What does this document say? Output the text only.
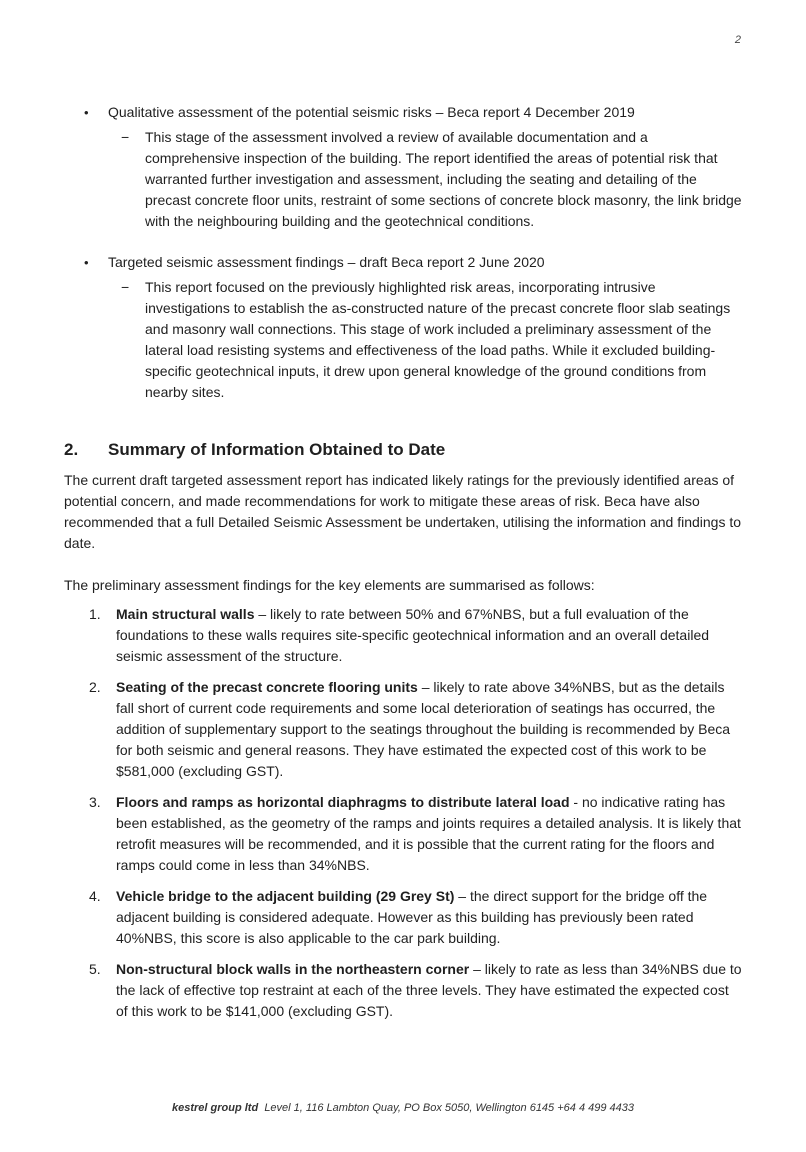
2
• Qualitative assessment of the potential seismic risks – Beca report 4 December 2019
− This stage of the assessment involved a review of available documentation and a comprehensive inspection of the building. The report identified the areas of potential risk that warranted further investigation and assessment, including the seating and detailing of the precast concrete floor units, restraint of some sections of concrete block masonry, the link bridge with the neighbouring building and the geotechnical conditions.
• Targeted seismic assessment findings – draft Beca report 2 June 2020
− This report focused on the previously highlighted risk areas, incorporating intrusive investigations to establish the as-constructed nature of the precast concrete floor slab seatings and masonry wall connections. This stage of work included a preliminary assessment of the lateral load resisting systems and effectiveness of the load paths. While it excluded building-specific geotechnical inputs, it drew upon general knowledge of the ground conditions from nearby sites.
2.	Summary of Information Obtained to Date

The current draft targeted assessment report has indicated likely ratings for the previously identified areas of potential concern, and made recommendations for work to mitigate these areas of risk. Beca have also recommended that a full Detailed Seismic Assessment be undertaken, utilising the information and findings to date.

The preliminary assessment findings for the key elements are summarised as follows:

1. Main structural walls – likely to rate between 50% and 67%NBS, but a full evaluation of the foundations to these walls requires site-specific geotechnical information and an overall detailed seismic assessment of the structure.
2. Seating of the precast concrete flooring units – likely to rate above 34%NBS, but as the details fall short of current code requirements and some local deterioration of seatings has occurred, the addition of supplementary support to the seatings throughout the building is recommended by Beca for both seismic and general reasons. They have estimated the expected cost of this work to be $581,000 (excluding GST).
3. Floors and ramps as horizontal diaphragms to distribute lateral load - no indicative rating has been established, as the geometry of the ramps and joints requires a detailed analysis. It is likely that retrofit measures will be recommended, and it is possible that the current rating for the floors and ramps could come in less than 34%NBS.
4. Vehicle bridge to the adjacent building (29 Grey St) – the direct support for the bridge off the adjacent building is considered adequate. However as this building has previously been rated 40%NBS, this score is also applicable to the car park building.
5. Non-structural block walls in the northeastern corner – likely to rate as less than 34%NBS due to the lack of effective top restraint at each of the three levels. They have estimated the expected cost of this work to be $141,000 (excluding GST).
kestrel group ltd Level 1, 116 Lambton Quay, PO Box 5050, Wellington 6145 +64 4 499 4433
